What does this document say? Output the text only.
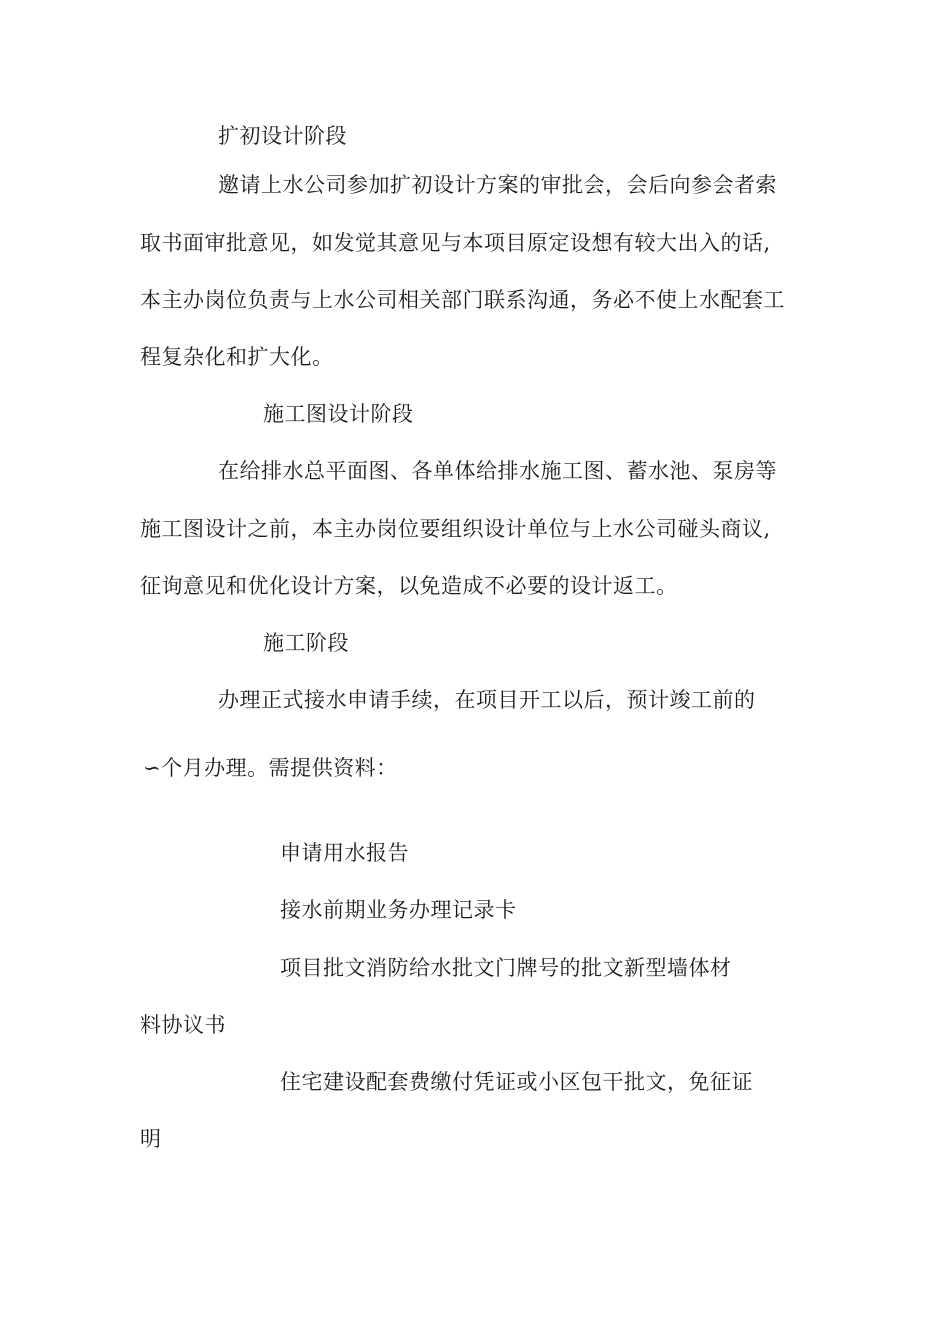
扩初设计阶段
邀请上水公司参加扩初设计方案的审批会，会后向参会者索
取书面审批意见，如发觉其意见与本项目原定设想有较大出入的话,
本主办岗位负责与上水公司相关部门联系沟通，务必不使上水配套工
程复杂化和扩大化。
施工图设计阶段
在给排水总平面图、各单体给排水施工图、蓄水池、泵房等
施工图设计之前，本主办岗位要组织设计单位与上水公司碰头商议,
征询意见和优化设计方案，以免造成不必要的设计返工。
施工阶段
办理正式接水申请手续，在项目开工以后，预计竣工前的
∽个月办理。需提供资料：
申请用水报告
接水前期业务办理记录卡
项目批文消防给水批文门牌号的批文新型墙体材
料协议书
住宅建设配套费缴付凭证或小区包干批文，免征证
明
